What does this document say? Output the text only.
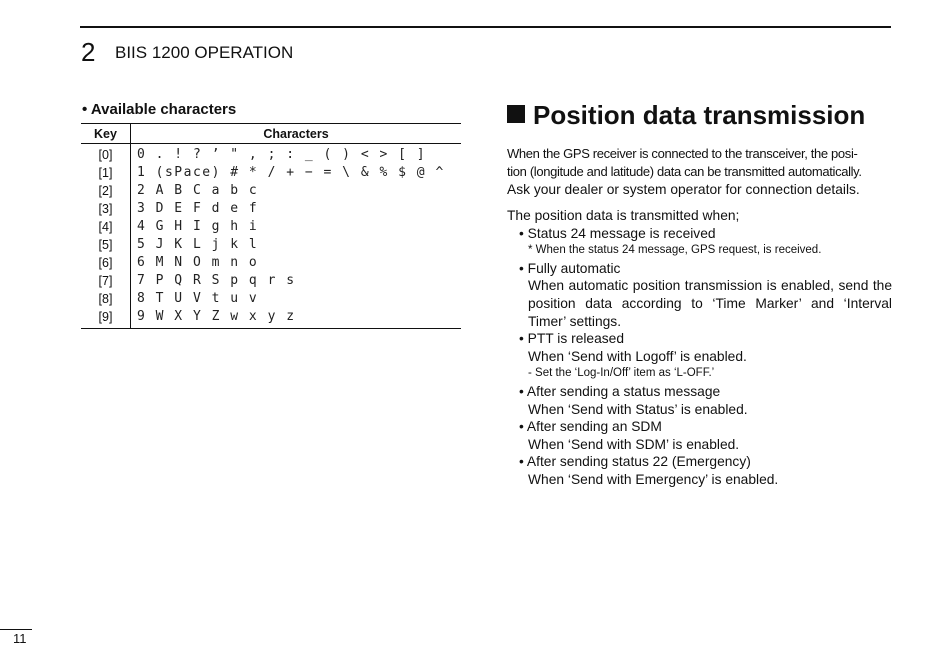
2 BIIS 1200 OPERATION
• Available characters
Key	Characters
[0]	0 . ! ? ’ " , ; : _ ( ) < > [ ]
[1]	1 (sPace) # * / + − = \ & % $ @ ^
[2]	2 A B C a b c
[3]	3 D E F d e f
[4]	4 G H I g h i
[5]	5 J K L j k l
[6]	6 M N O m n o
[7]	7 P Q R S p q r s
[8]	8 T U V t u v
[9]	9 W X Y Z w x y z
Position data transmission
When the GPS receiver is connected to the transceiver, the posi-
tion (longitude and latitude) data can be transmitted automatically.
Ask your dealer or system operator for connection details.
The position data is transmitted when;
• Status 24 message is received
* When the status 24 message, GPS request, is received.
• Fully automatic
When automatic position transmission is enabled, send the position data according to ‘Time Marker’ and ‘Interval
Timer’ settings.
• PTT is released
When ‘Send with Logoff’ is enabled.
- Set the ‘Log-In/Off’ item as ‘L-OFF.’
• After sending a status message
When ‘Send with Status’ is enabled.
• After sending an SDM
When ‘Send with SDM’ is enabled.
• After sending status 22 (Emergency)
When ‘Send with Emergency’ is enabled.
11
